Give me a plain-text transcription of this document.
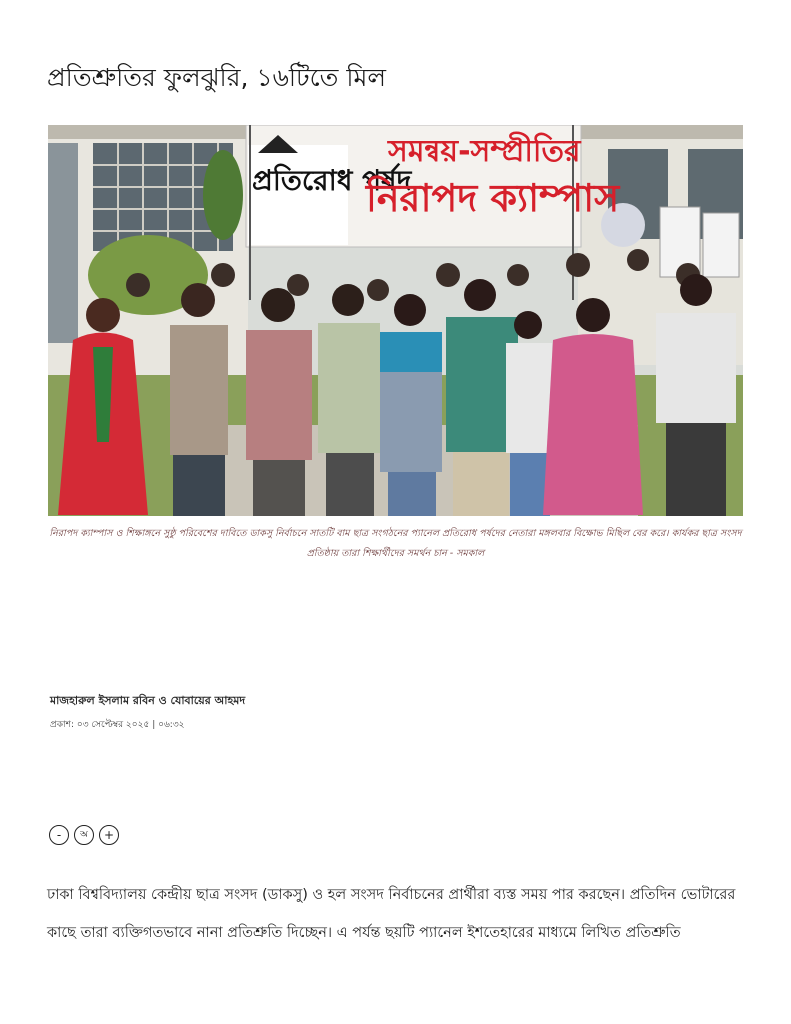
প্রতিশ্রুতির ফুলঝুরি, ১৬টিতে মিল
প্রতিরোধ পর্ষদ
সমন্বয়-সম্প্রীতির
নিরাপদ ক্যাম্পাস

নিরাপদ ক্যাম্পাস ও শিক্ষাঙ্গনে সুষ্ঠু পরিবেশের দাবিতে ডাকসু নির্বাচনে সাতটি বাম ছাত্র সংগঠনের প্যানেল প্রতিরোধ পর্ষদের নেতারা মঙ্গলবার বিক্ষোভ মিছিল বের করে। কার্যকর ছাত্র সংসদ প্রতিষ্ঠায় তারা শিক্ষার্থীদের সমর্থন চান - সমকাল

মাজহারুল ইসলাম রবিন ও যোবায়ের আহমদ
প্রকাশ: ০৩ সেপ্টেম্বর ২০২৫ | ০৬:৩২
-	অ	+

ঢাকা বিশ্ববিদ্যালয় কেন্দ্রীয় ছাত্র সংসদ (ডাকসু) ও হল সংসদ নির্বাচনের প্রার্থীরা ব্যস্ত সময় পার করছেন। প্রতিদিন ভোটারের কাছে তারা ব্যক্তিগতভাবে নানা প্রতিশ্রুতি দিচ্ছেন। এ পর্যন্ত ছয়টি প্যানেল ইশতেহারের মাধ্যমে লিখিত প্রতিশ্রুতি
